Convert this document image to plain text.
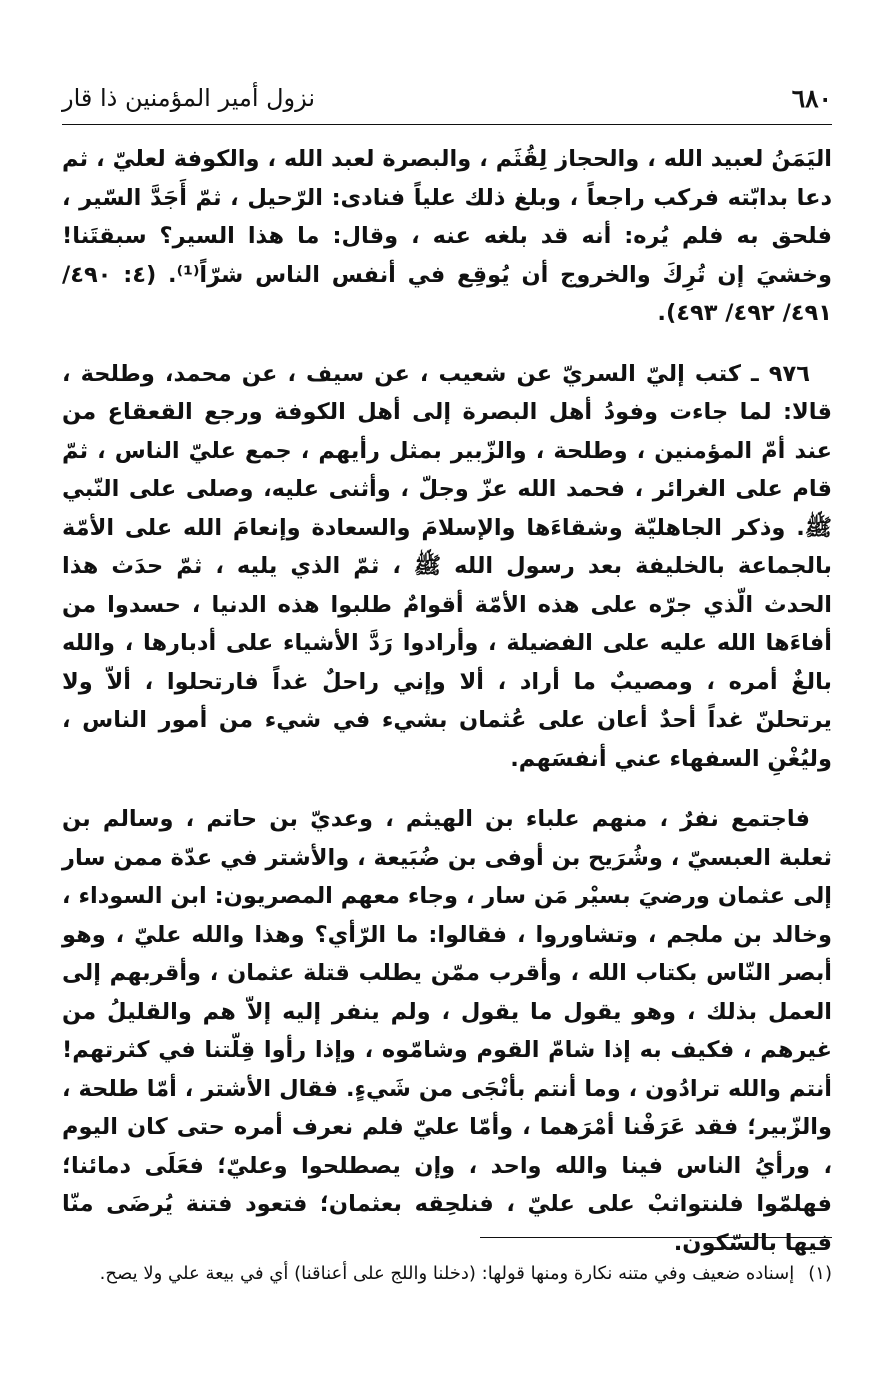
٦٨٠
نزول أمير المؤمنين ذا قار

اليَمَنُ لعبيد الله ، والحجاز لِقُثَم ، والبصرة لعبد الله ، والكوفة لعليّ ، ثم دعا بدابّته فركب راجعاً ، وبلغ ذلك علياً فنادى: الرّحيل ، ثمّ أَجَدَّ السّير ، فلحق به فلم يُره: أنه قد بلغه عنه ، وقال: ما هذا السير؟ سبقتَنا! وخشيَ إن تُرِكَ والخروج أن يُوقِع في أنفس الناس شرّاً⁽¹⁾. (٤: ٤٩٠/ ٤٩١/ ٤٩٢/ ٤٩٣).

٩٧٦ ـ كتب إليّ السريّ عن شعيب ، عن سيف ، عن محمد، وطلحة ، قالا: لما جاءت وفودُ أهل البصرة إلى أهل الكوفة ورجع القعقاع من عند أمّ المؤمنين ، وطلحة ، والزّبير بمثل رأيهم ، جمع عليّ الناس ، ثمّ قام على الغرائر ، فحمد الله عزّ وجلّ ، وأثنى عليه، وصلى على النّبي ﷺ. وذكر الجاهليّة وشقاءَها والإسلامَ والسعادة وإنعامَ الله على الأمّة بالجماعة بالخليفة بعد رسول الله ﷺ ، ثمّ الذي يليه ، ثمّ حدَث هذا الحدث الّذي جرّه على هذه الأمّة أقوامٌ طلبوا هذه الدنيا ، حسدوا من أفاءَها الله عليه على الفضيلة ، وأرادوا رَدَّ الأشياء على أدبارها ، والله بالغٌ أمره ، ومصيبٌ ما أراد ، ألا وإني راحلٌ غداً فارتحلوا ، ألاّ ولا يرتحلنّ غداً أحدٌ أعان على عُثمان بشيء في شيء من أمور الناس ، وليُغْنِ السفهاء عني أنفسَهم.

فاجتمع نفرٌ ، منهم علباء بن الهيثم ، وعديّ بن حاتم ، وسالم بن ثعلبة العبسيّ ، وشُرَيح بن أوفى بن ضُبَيعة ، والأشتر في عدّة ممن سار إلى عثمان ورضيَ بسيْر مَن سار ، وجاء معهم المصريون: ابن السوداء ، وخالد بن ملجم ، وتشاوروا ، فقالوا: ما الرّأي؟ وهذا والله عليّ ، وهو أبصر النّاس بكتاب الله ، وأقرب ممّن يطلب قتلة عثمان ، وأقربهم إلى العمل بذلك ، وهو يقول ما يقول ، ولم ينفر إليه إلاّ هم والقليلُ من غيرهم ، فكيف به إذا شامّ القوم وشامّوه ، وإذا رأوا قِلّتنا في كثرتهم! أنتم والله ترادُون ، وما أنتم بأنْجَى من شَيءٍ. فقال الأشتر ، أمّا طلحة ، والزّبير؛ فقد عَرَفْنا أمْرَهما ، وأمّا عليّ فلم نعرف أمره حتى كان اليوم ، ورأيُ الناس فينا والله واحد ، وإن يصطلحوا وعليّ؛ فعَلَى دمائنا؛ فهلمّوا فلنتواثبْ على عليّ ، فنلحِقه بعثمان؛ فتعود فتنة يُرضَى منّا فيها بالسّكون.

(١)إسناده ضعيف وفي متنه نكارة ومنها قولها: (دخلنا واللج على أعناقنا) أي في بيعة علي ولا يصح.
